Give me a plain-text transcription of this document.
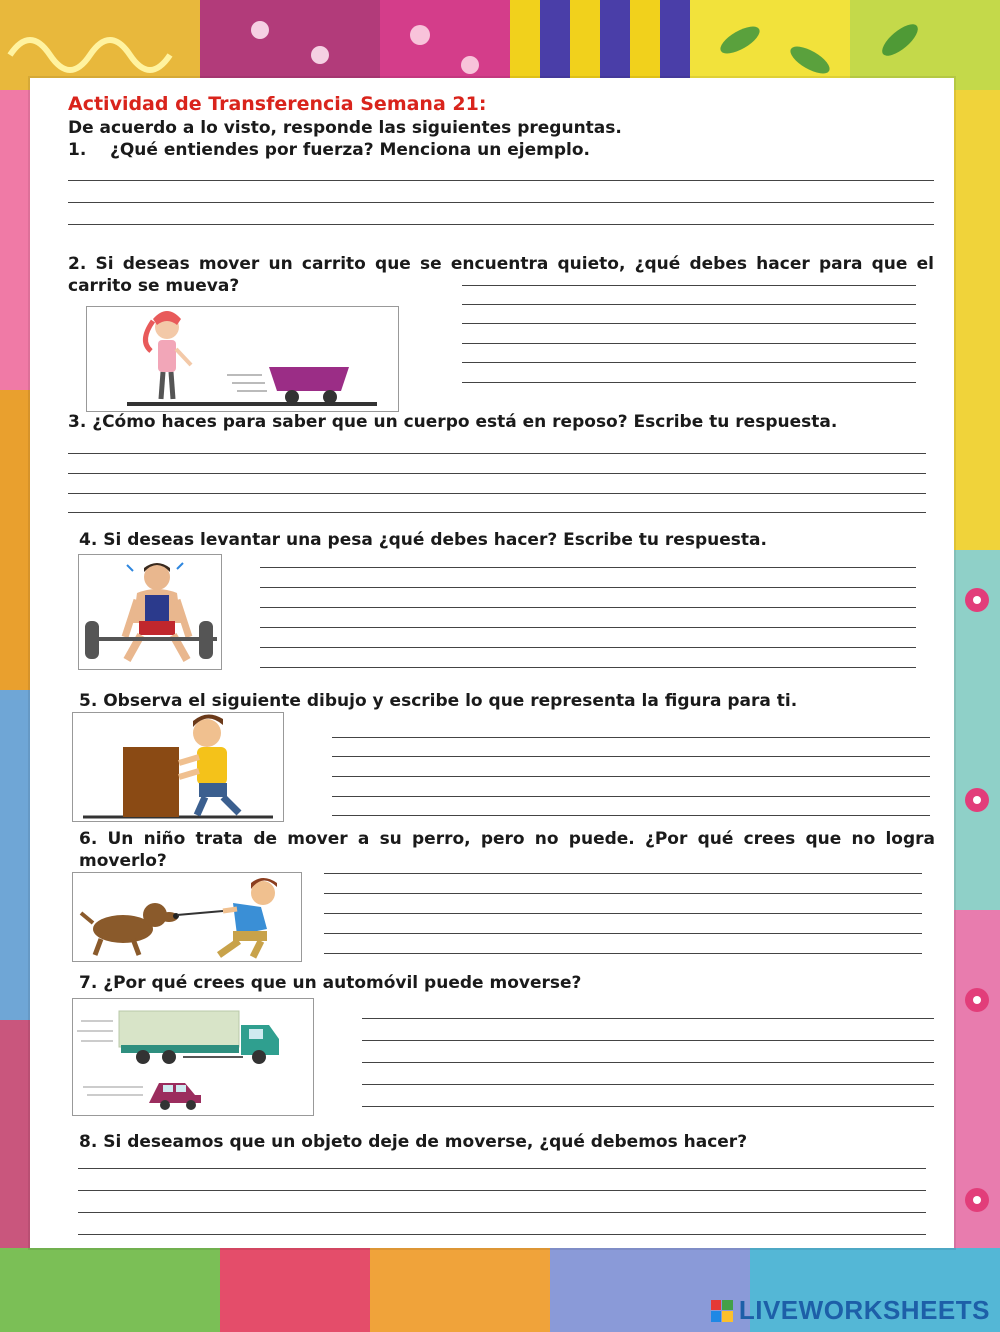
Actividad de Transferencia Semana 21:

De acuerdo a lo visto, responde las siguientes preguntas.

1.    ¿Qué entiendes por fuerza? Menciona un ejemplo.

2. Si deseas mover un carrito que se encuentra quieto, ¿qué debes hacer para que el carrito se mueva?

3. ¿Cómo haces para saber que un cuerpo está en reposo? Escribe tu respuesta.

4. Si deseas levantar una pesa ¿qué debes hacer? Escribe tu respuesta.

5. Observa el siguiente dibujo y escribe lo que representa la figura para ti.

6. Un niño trata de mover a su perro, pero no puede. ¿Por qué crees que no logra moverlo?

7. ¿Por qué crees que un automóvil puede moverse?

8. Si deseamos que un objeto deje de moverse, ¿qué debemos hacer?

LIVEWORKSHEETS
